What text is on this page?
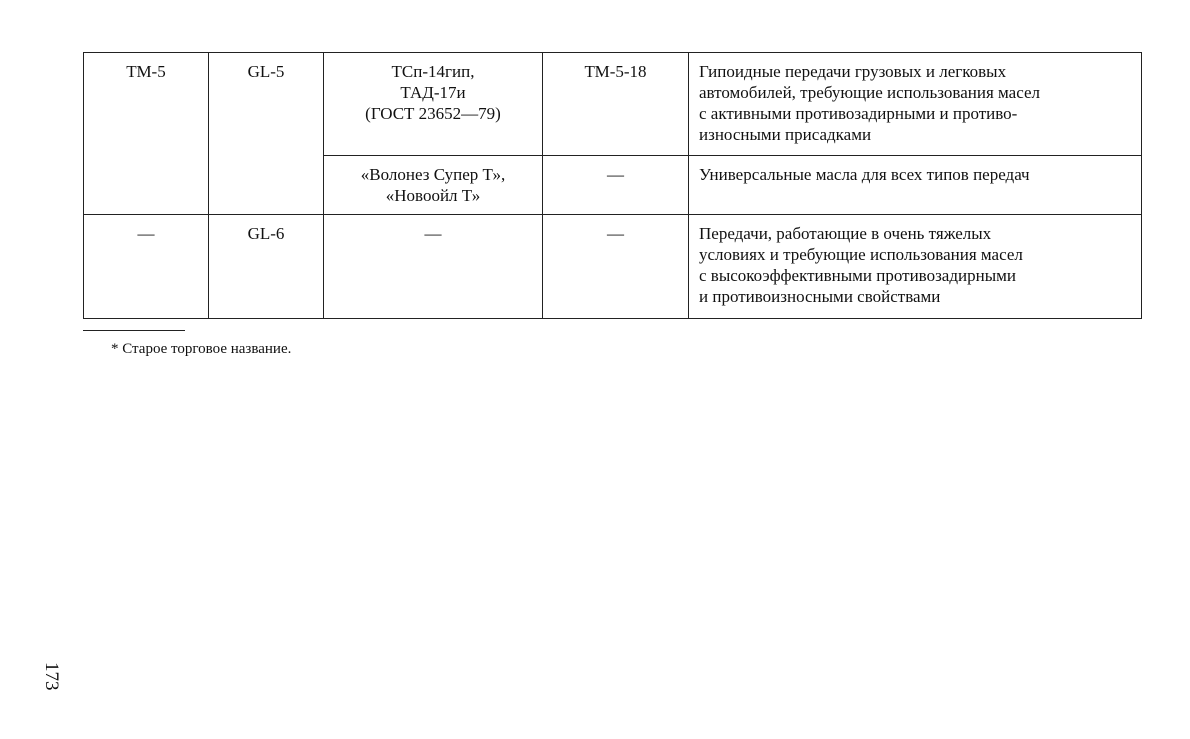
ТМ-5	GL-5	ТСп-14гип,
ТАД-17и
(ГОСТ 23652—79)	ТМ-5-18	Гипоидные передачи грузовых и легковых
автомобилей, требующие использования масел
с активными противозадирными и противо-
износными присадками

		«Волонез Супер Т»,
«Новоойл Т»	—	Универсальные масла для всех типов передач

—	GL-6	—	—	Передачи, работающие в очень тяжелых
условиях и требующие использования масел
с высокоэффективными противозадирными
и противоизносными свойствами
* Старое торговое название.
173
